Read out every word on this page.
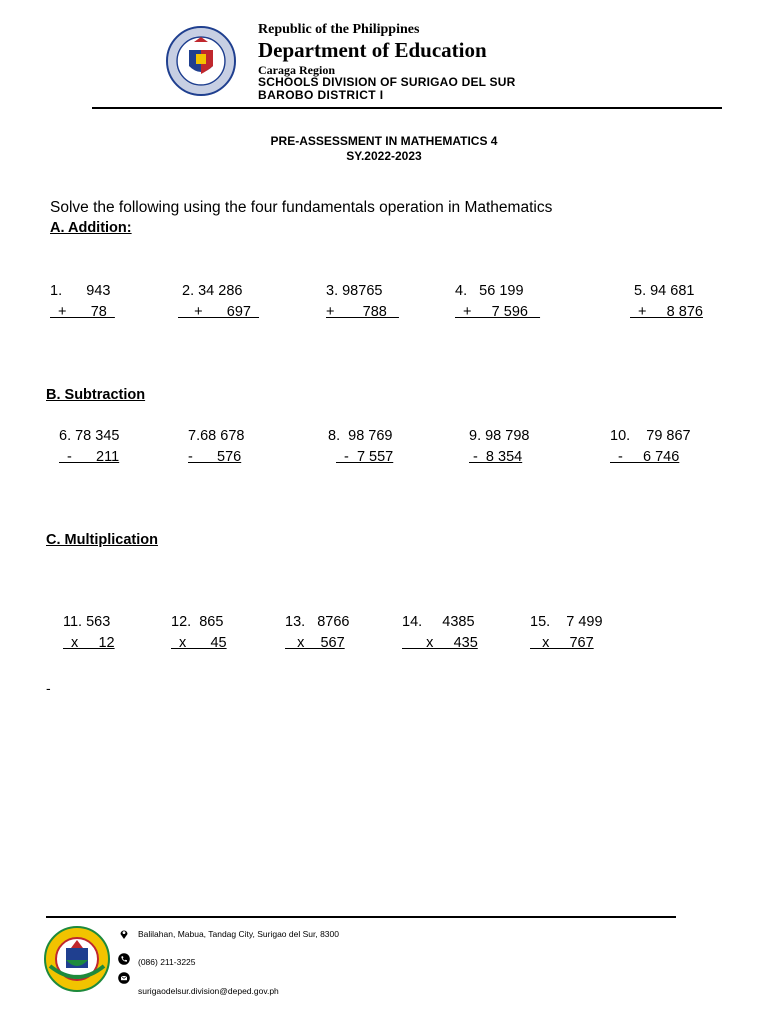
Republic of the Philippines
Department of Education
Caraga Region
SCHOOLS DIVISION OF SURIGAO DEL SUR
BAROBO DISTRICT I
PRE-ASSESSMENT IN MATHEMATICS 4
SY.2022-2023
Solve the following using the four fundamentals operation in Mathematics
A. Addition:
1.      943
+      78
2. 34 286
+      697
3. 98765
+       788
4.   56 199
+     7 596
5. 94 681
+     8 876
B. Subtraction
6. 78 345
-      211
7.68 678
-      576
8.  98 769
-  7 557
9. 98 798
-  8 354
10.    79 867
-     6 746
C. Multiplication
11. 563
x     12
12.  865
x      45
13.   8766
x    567
14.     4385
x     435
15.    7 499
x     767
-
Balilahan, Mabua, Tandag City, Surigao del Sur, 8300
(086) 211-3225
surigaodelsur.division@deped.gov.ph
